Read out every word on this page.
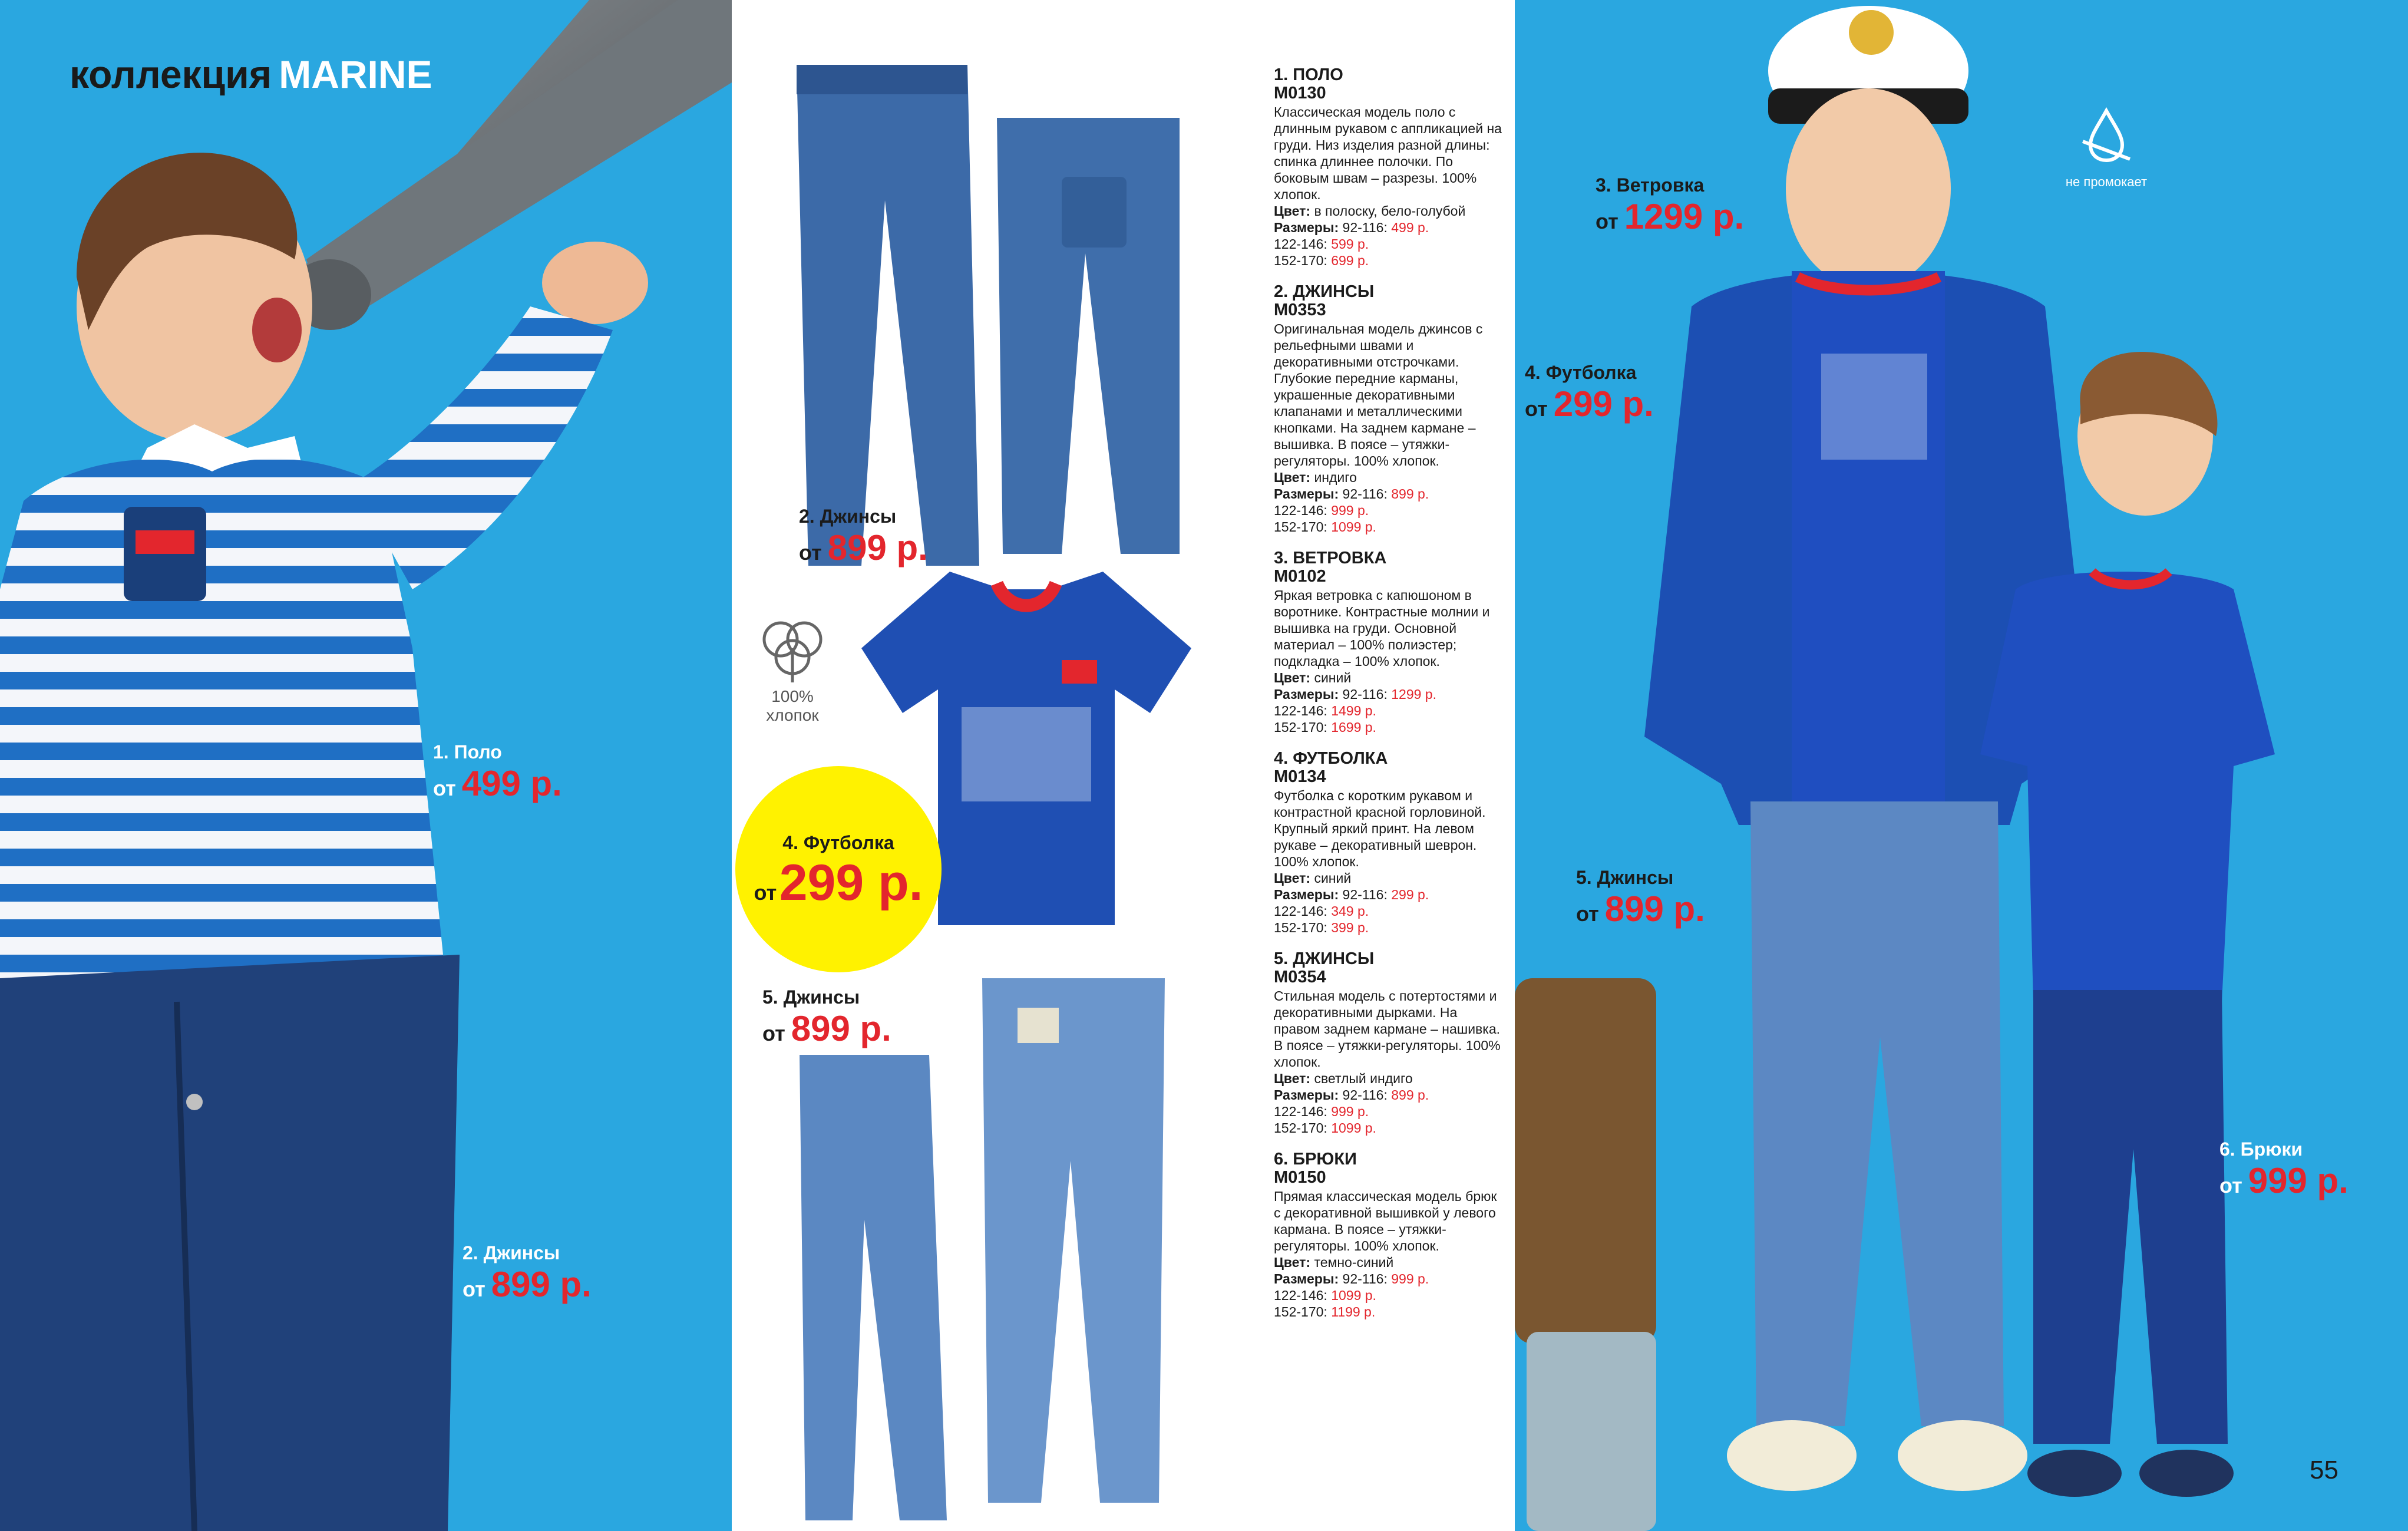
коллекция MARINE
1. Поло
от 499 р.
2. Джинсы
от 899 р.
2. Джинсы
от 899 р.
5. Джинсы
от 899 р.
1. ПОЛО
М0130
Классическая модель поло с длинным рукавом с аппликацией на груди. Низ изделия разной длины: спинка длиннее полочки. По боковым швам – разрезы. 100% хлопок.
Цвет: в полоску, бело-голубой
Размеры: 92-116: 499 р.
122-146: 599 р.
152-170: 699 р.
2. ДЖИНСЫ
М0353
Оригинальная модель джинсов с рельефными швами и декоративными отстрочками. Глубокие передние карманы, украшенные декоративными клапанами и металлическими кнопками. На заднем кармане – вышивка. В поясе – утяжки-регуляторы. 100% хлопок.
Цвет: индиго
Размеры: 92-116: 899 р.
122-146: 999 р.
152-170: 1099 р.
3. ВЕТРОВКА
М0102
Яркая ветровка с капюшоном в воротнике. Контрастные молнии и вышивка на груди. Основной материал – 100% полиэстер; подкладка – 100% хлопок.
Цвет: синий
Размеры: 92-116: 1299 р.
122-146: 1499 р.
152-170: 1699 р.
4. ФУТБОЛКА
М0134
Футболка с коротким рукавом и контрастной красной горловиной. Крупный яркий принт. На левом рукаве – декоративный шеврон. 100% хлопок.
Цвет: синий
Размеры: 92-116: 299 р.
122-146: 349 р.
152-170: 399 р.
5. ДЖИНСЫ
М0354
Стильная модель с потертостями и декоративными дырками. На правом заднем кармане – нашивка. В поясе – утяжки-регуляторы. 100% хлопок.
Цвет: светлый индиго
Размеры: 92-116: 899 р.
122-146: 999 р.
152-170: 1099 р.
6. БРЮКИ
М0150
Прямая классическая модель брюк с декоративной вышивкой у левого кармана. В поясе – утяжки-регуляторы. 100% хлопок.
Цвет: темно-синий
Размеры: 92-116: 999 р.
122-146: 1099 р.
152-170: 1199 р.
4. Футболка
от 299 р.
100% хлопок
3. Ветровка
от 1299 р.
4. Футболка
от 299 р.
5. Джинсы
от 899 р.
6. Брюки
от 999 р.
не промокает
55
